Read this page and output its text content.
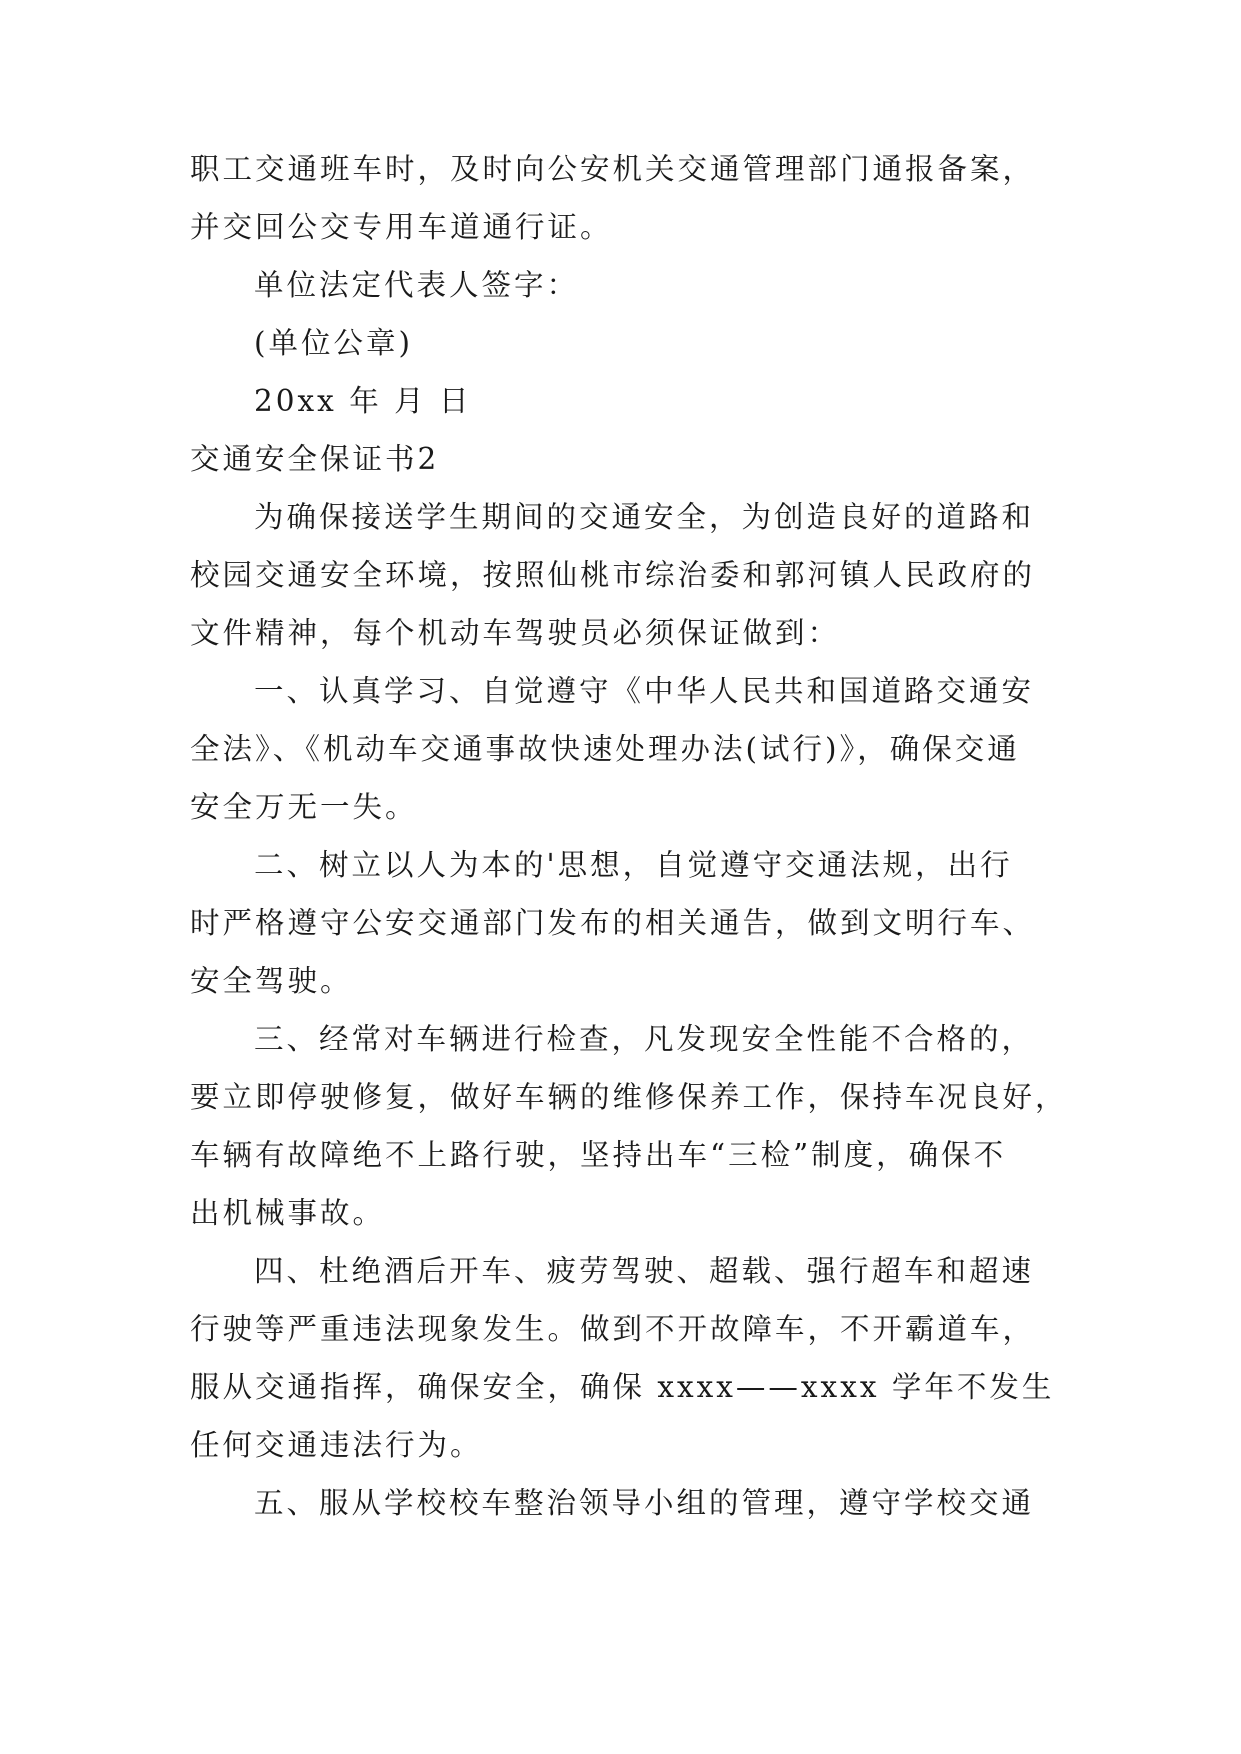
职工交通班车时，及时向公安机关交通管理部门通报备案，
并交回公交专用车道通行证。
单位法定代表人签字：
(单位公章)
20xx 年 月 日
交通安全保证书2
为确保接送学生期间的交通安全，为创造良好的道路和
校园交通安全环境，按照仙桃市综治委和郭河镇人民政府的
文件精神，每个机动车驾驶员必须保证做到：
一、认真学习、自觉遵守《中华人民共和国道路交通安
全法》、《机动车交通事故快速处理办法(试行)》，确保交通
安全万无一失。
二、树立以人为本的'思想，自觉遵守交通法规，出行
时严格遵守公安交通部门发布的相关通告，做到文明行车、
安全驾驶。
三、经常对车辆进行检查，凡发现安全性能不合格的，
要立即停驶修复，做好车辆的维修保养工作，保持车况良好，
车辆有故障绝不上路行驶，坚持出车“三检”制度，确保不
出机械事故。
四、杜绝酒后开车、疲劳驾驶、超载、强行超车和超速
行驶等严重违法现象发生。做到不开故障车，不开霸道车，
服从交通指挥，确保安全，确保 xxxx——xxxx 学年不发生
任何交通违法行为。
五、服从学校校车整治领导小组的管理，遵守学校交通
